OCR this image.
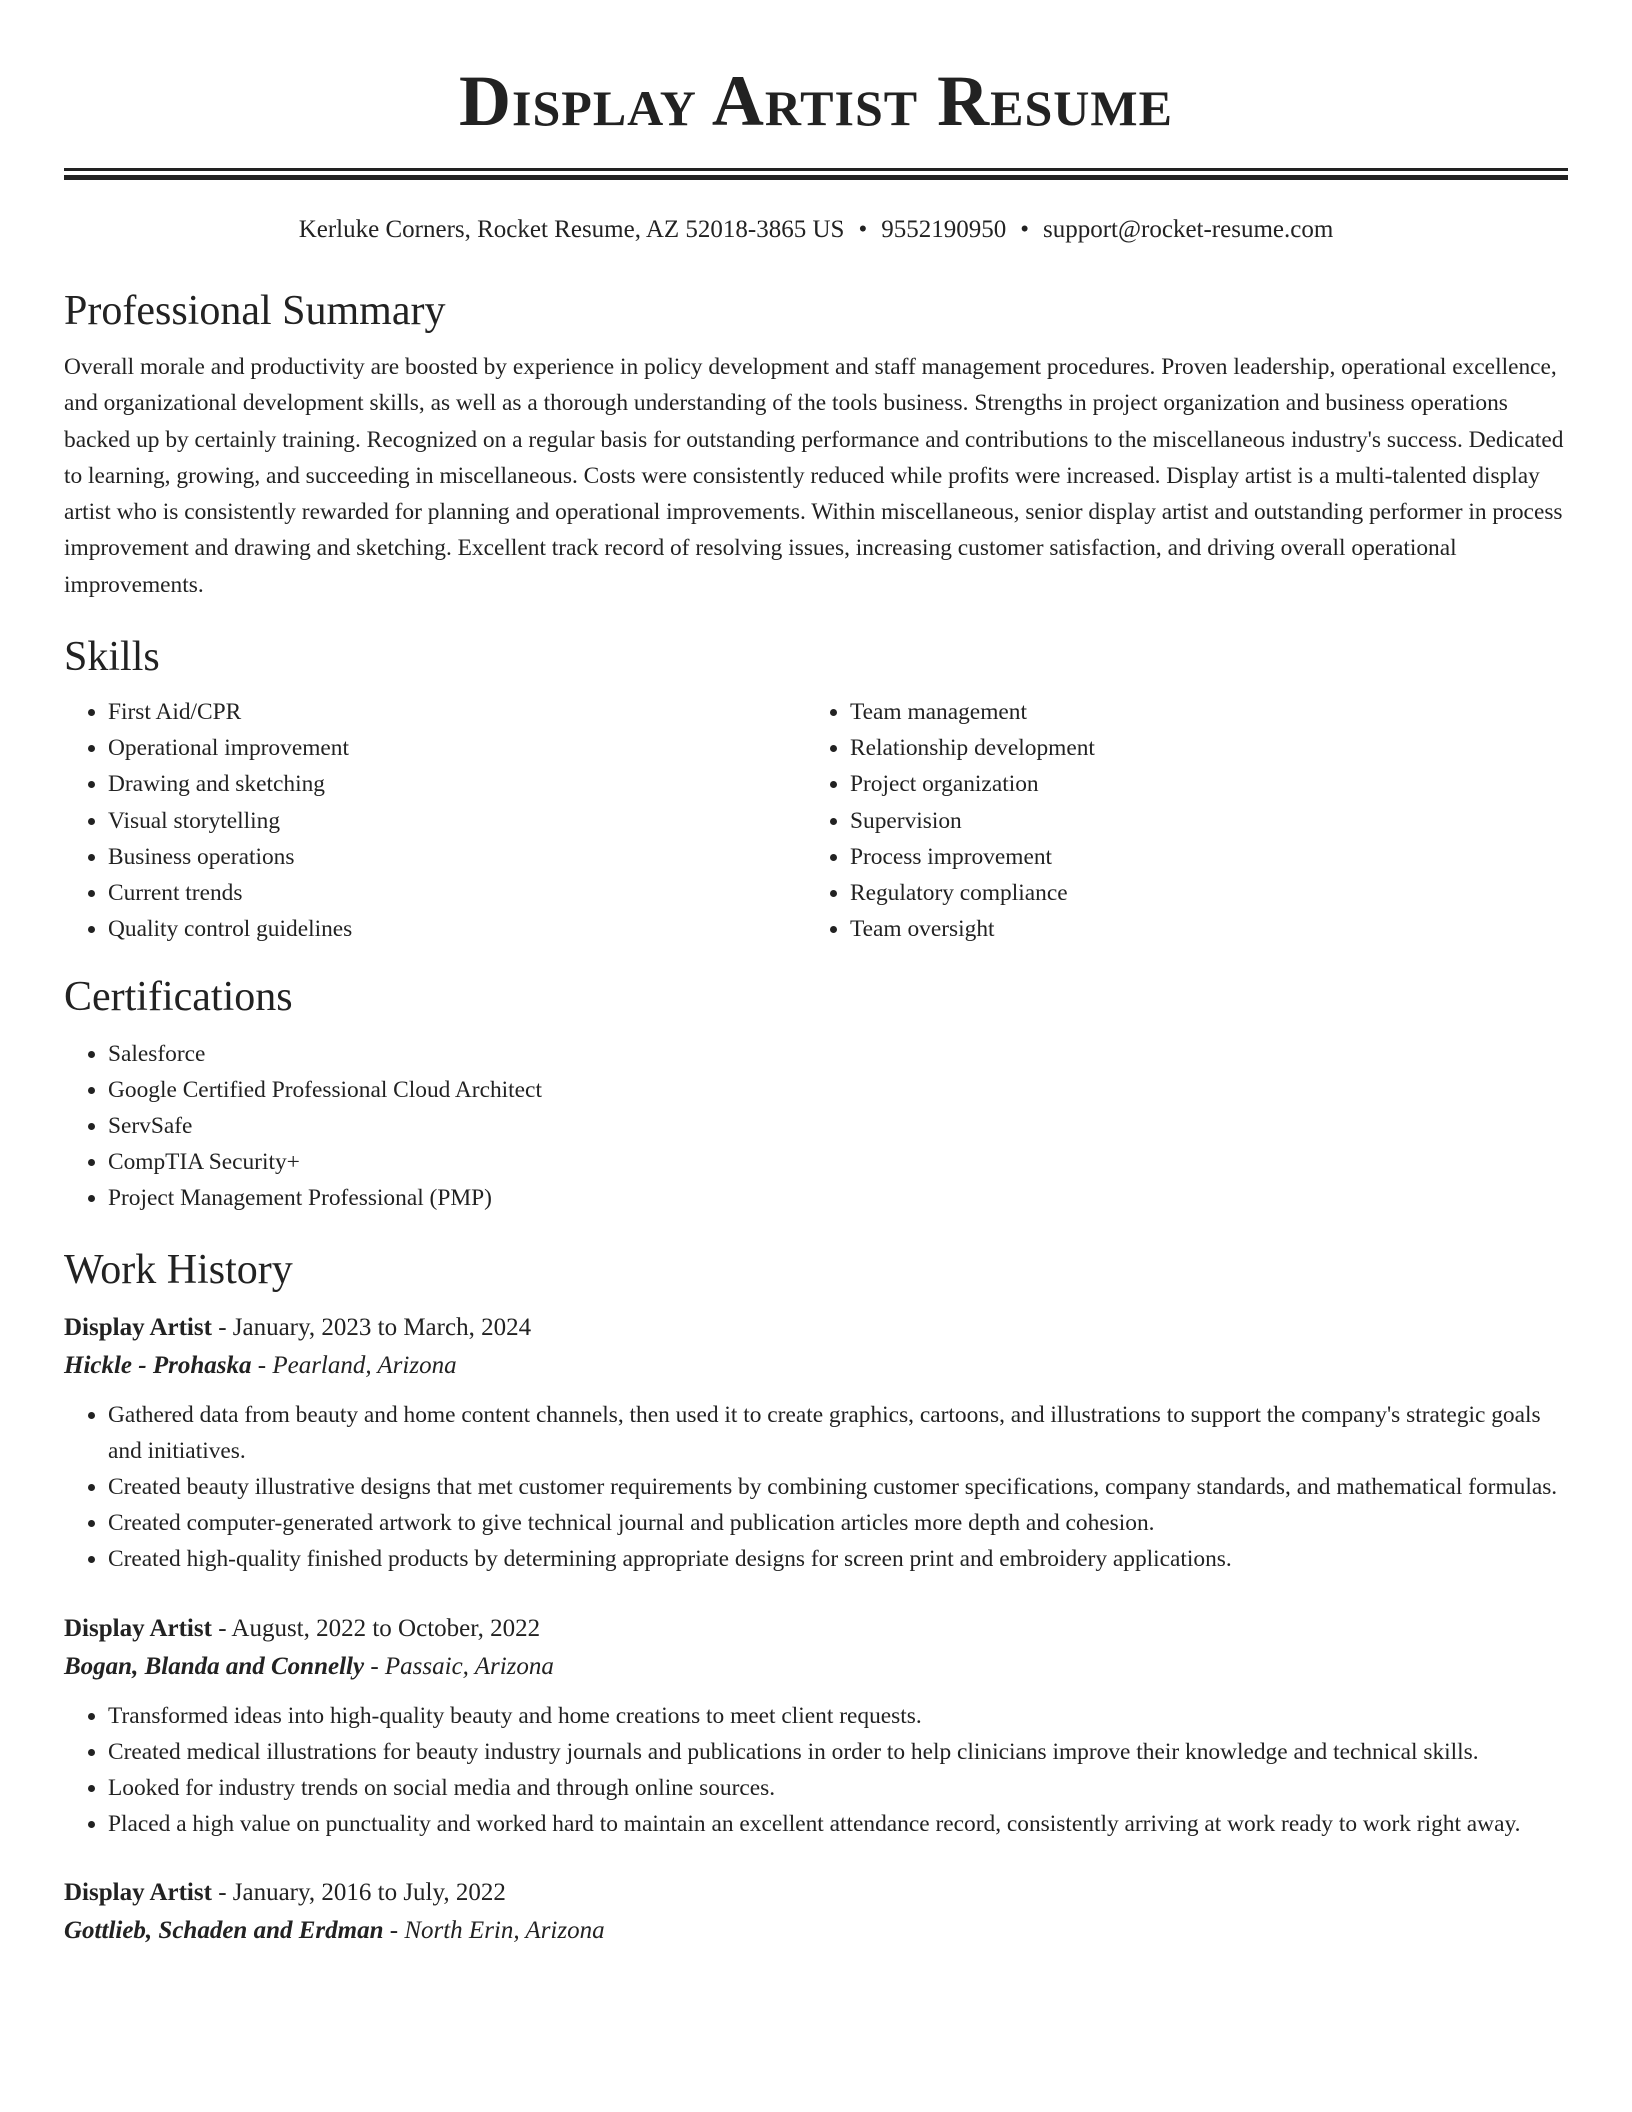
Display Artist Resume
Kerluke Corners, Rocket Resume, AZ 52018-3865 US • 9552190950 • support@rocket-resume.com
Professional Summary

Overall morale and productivity are boosted by experience in policy development and staff management procedures. Proven leadership, operational excellence, and organizational development skills, as well as a thorough understanding of the tools business. Strengths in project organization and business operations backed up by certainly training. Recognized on a regular basis for outstanding performance and contributions to the miscellaneous industry's success. Dedicated to learning, growing, and succeeding in miscellaneous. Costs were consistently reduced while profits were increased. Display artist is a multi-talented display artist who is consistently rewarded for planning and operational improvements. Within miscellaneous, senior display artist and outstanding performer in process improvement and drawing and sketching. Excellent track record of resolving issues, increasing customer satisfaction, and driving overall operational improvements.

Skills
• First Aid/CPR
• Operational improvement
• Drawing and sketching
• Visual storytelling
• Business operations
• Current trends
• Quality control guidelines
• Team management
• Relationship development
• Project organization
• Supervision
• Process improvement
• Regulatory compliance
• Team oversight
Certifications
• Salesforce
• Google Certified Professional Cloud Architect
• ServSafe
• CompTIA Security+
• Project Management Professional (PMP)
Work History
Display Artist - January, 2023 to March, 2024
Hickle - Prohaska - Pearland, Arizona
• Gathered data from beauty and home content channels, then used it to create graphics, cartoons, and illustrations to support the company's strategic goals and initiatives.
• Created beauty illustrative designs that met customer requirements by combining customer specifications, company standards, and mathematical formulas.
• Created computer-generated artwork to give technical journal and publication articles more depth and cohesion.
• Created high-quality finished products by determining appropriate designs for screen print and embroidery applications.
Display Artist - August, 2022 to October, 2022
Bogan, Blanda and Connelly - Passaic, Arizona
• Transformed ideas into high-quality beauty and home creations to meet client requests.
• Created medical illustrations for beauty industry journals and publications in order to help clinicians improve their knowledge and technical skills.
• Looked for industry trends on social media and through online sources.
• Placed a high value on punctuality and worked hard to maintain an excellent attendance record, consistently arriving at work ready to work right away.
Display Artist - January, 2016 to July, 2022
Gottlieb, Schaden and Erdman - North Erin, Arizona
